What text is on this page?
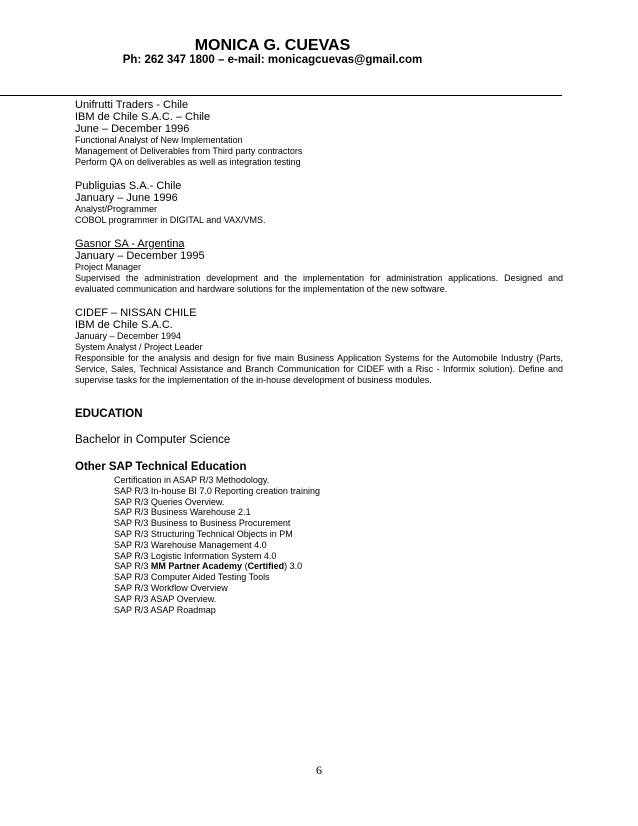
MONICA G. CUEVAS
Ph: 262 347 1800 – e-mail: monicagcuevas@gmail.com
Unifrutti Traders - Chile
IBM de Chile S.A.C. – Chile
June – December 1996
Functional Analyst of New Implementation
Management of Deliverables from Third party contractors
Perform QA on deliverables as well as integration testing
Publiguias S.A.- Chile
January – June 1996
Analyst/Programmer
COBOL programmer in DIGITAL and VAX/VMS.
Gasnor SA - Argentina
January – December 1995
Project Manager
Supervised the administration development and the implementation for administration applications. Designed and evaluated communication and hardware solutions for the implementation of the new software.
CIDEF – NISSAN CHILE
IBM de Chile S.A.C.
January – December 1994
System Analyst / Project Leader
Responsible for the analysis and design for five main Business Application Systems for the Automobile Industry (Parts, Service, Sales, Technical Assistance and Branch Communication for CIDEF with a Risc - Informix solution). Define and supervise tasks for the implementation of the in-house development of business modules.
EDUCATION
Bachelor in Computer Science
Other SAP Technical Education
Certification in ASAP R/3 Methodology.
SAP R/3 In-house BI 7.0 Reporting creation training
SAP R/3 Queries Overview.
SAP R/3 Business Warehouse 2.1
SAP R/3 Business to Business Procurement
SAP R/3 Structuring Technical Objects in PM
SAP R/3 Warehouse Management 4.0
SAP R/3 Logistic Information System 4.0
SAP R/3 MM Partner Academy (Certified) 3.0
SAP R/3 Computer Aided Testing Tools
SAP R/3 Workflow Overview
SAP R/3 ASAP Overview.
SAP R/3 ASAP Roadmap
6
